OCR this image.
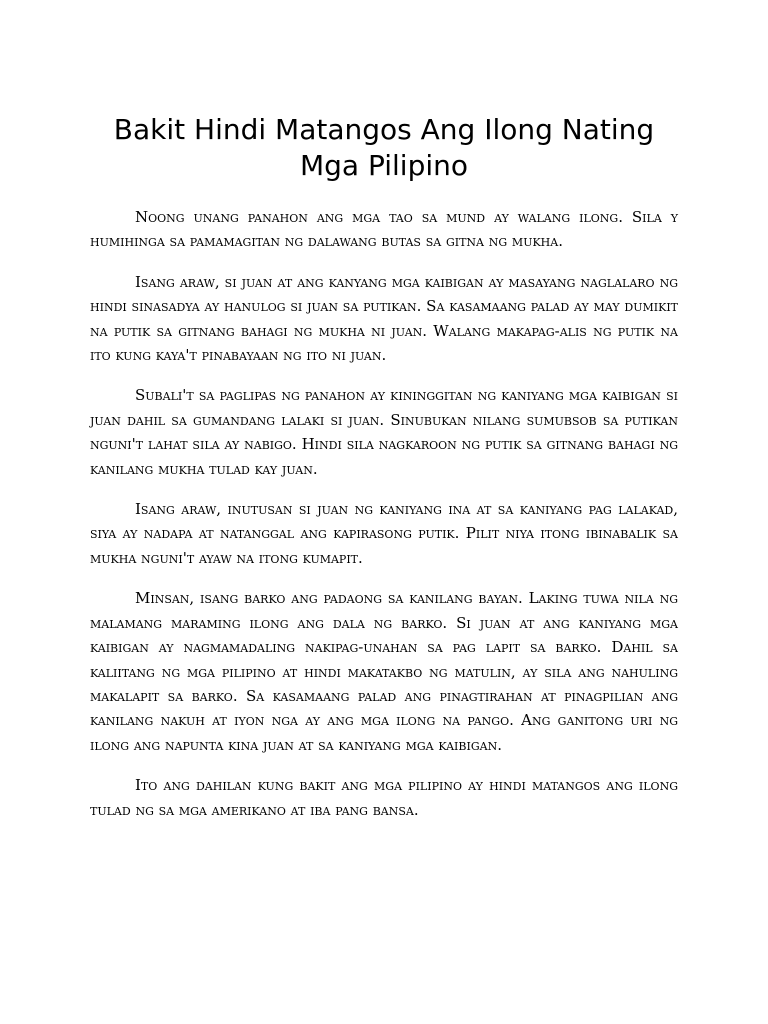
Bakit Hindi Matangos Ang Ilong Nating Mga Pilipino

Noong unang panahon ang mga tao sa mund ay walang ilong. Sila y humihinga sa pamamagitan ng dalawang butas sa gitna ng mukha.

Isang araw, si juan at ang kanyang mga kaibigan ay masayang naglalaro ng hindi sinasadya ay hanulog si juan sa putikan. Sa kasamaang palad ay may dumikit na putik sa gitnang bahagi ng mukha ni juan. Walang makapag-alis ng putik na ito kung kaya't pinabayaan ng ito ni juan.

Subali't sa paglipas ng panahon ay kininggitan ng kaniyang mga kaibigan si juan dahil sa gumandang lalaki si juan. Sinubukan nilang sumubsob sa putikan nguni't lahat sila ay nabigo. Hindi sila nagkaroon ng putik sa gitnang bahagi ng kanilang mukha tulad kay juan.

Isang araw, inutusan si juan ng kaniyang ina at sa kaniyang pag lalakad, siya ay nadapa at natanggal ang kapirasong putik. Pilit niya itong ibinabalik sa mukha nguni't ayaw na itong kumapit.

Minsan, isang barko ang padaong sa kanilang bayan. Laking tuwa nila ng malamang maraming ilong ang dala ng barko. Si juan at ang kaniyang mga kaibigan ay nagmamadaling nakipag-unahan sa pag lapit sa barko. Dahil sa kaliitang ng mga pilipino at hindi makatakbo ng matulin, ay sila ang nahuling makalapit sa barko. Sa kasamaang palad ang pinagtirahan at pinagpilian ang kanilang nakuh at iyon nga ay ang mga ilong na pango. Ang ganitong uri ng ilong ang napunta kina juan at sa kaniyang mga kaibigan.

Ito ang dahilan kung bakit ang mga pilipino ay hindi matangos ang ilong tulad ng sa mga amerikano at iba pang bansa.
